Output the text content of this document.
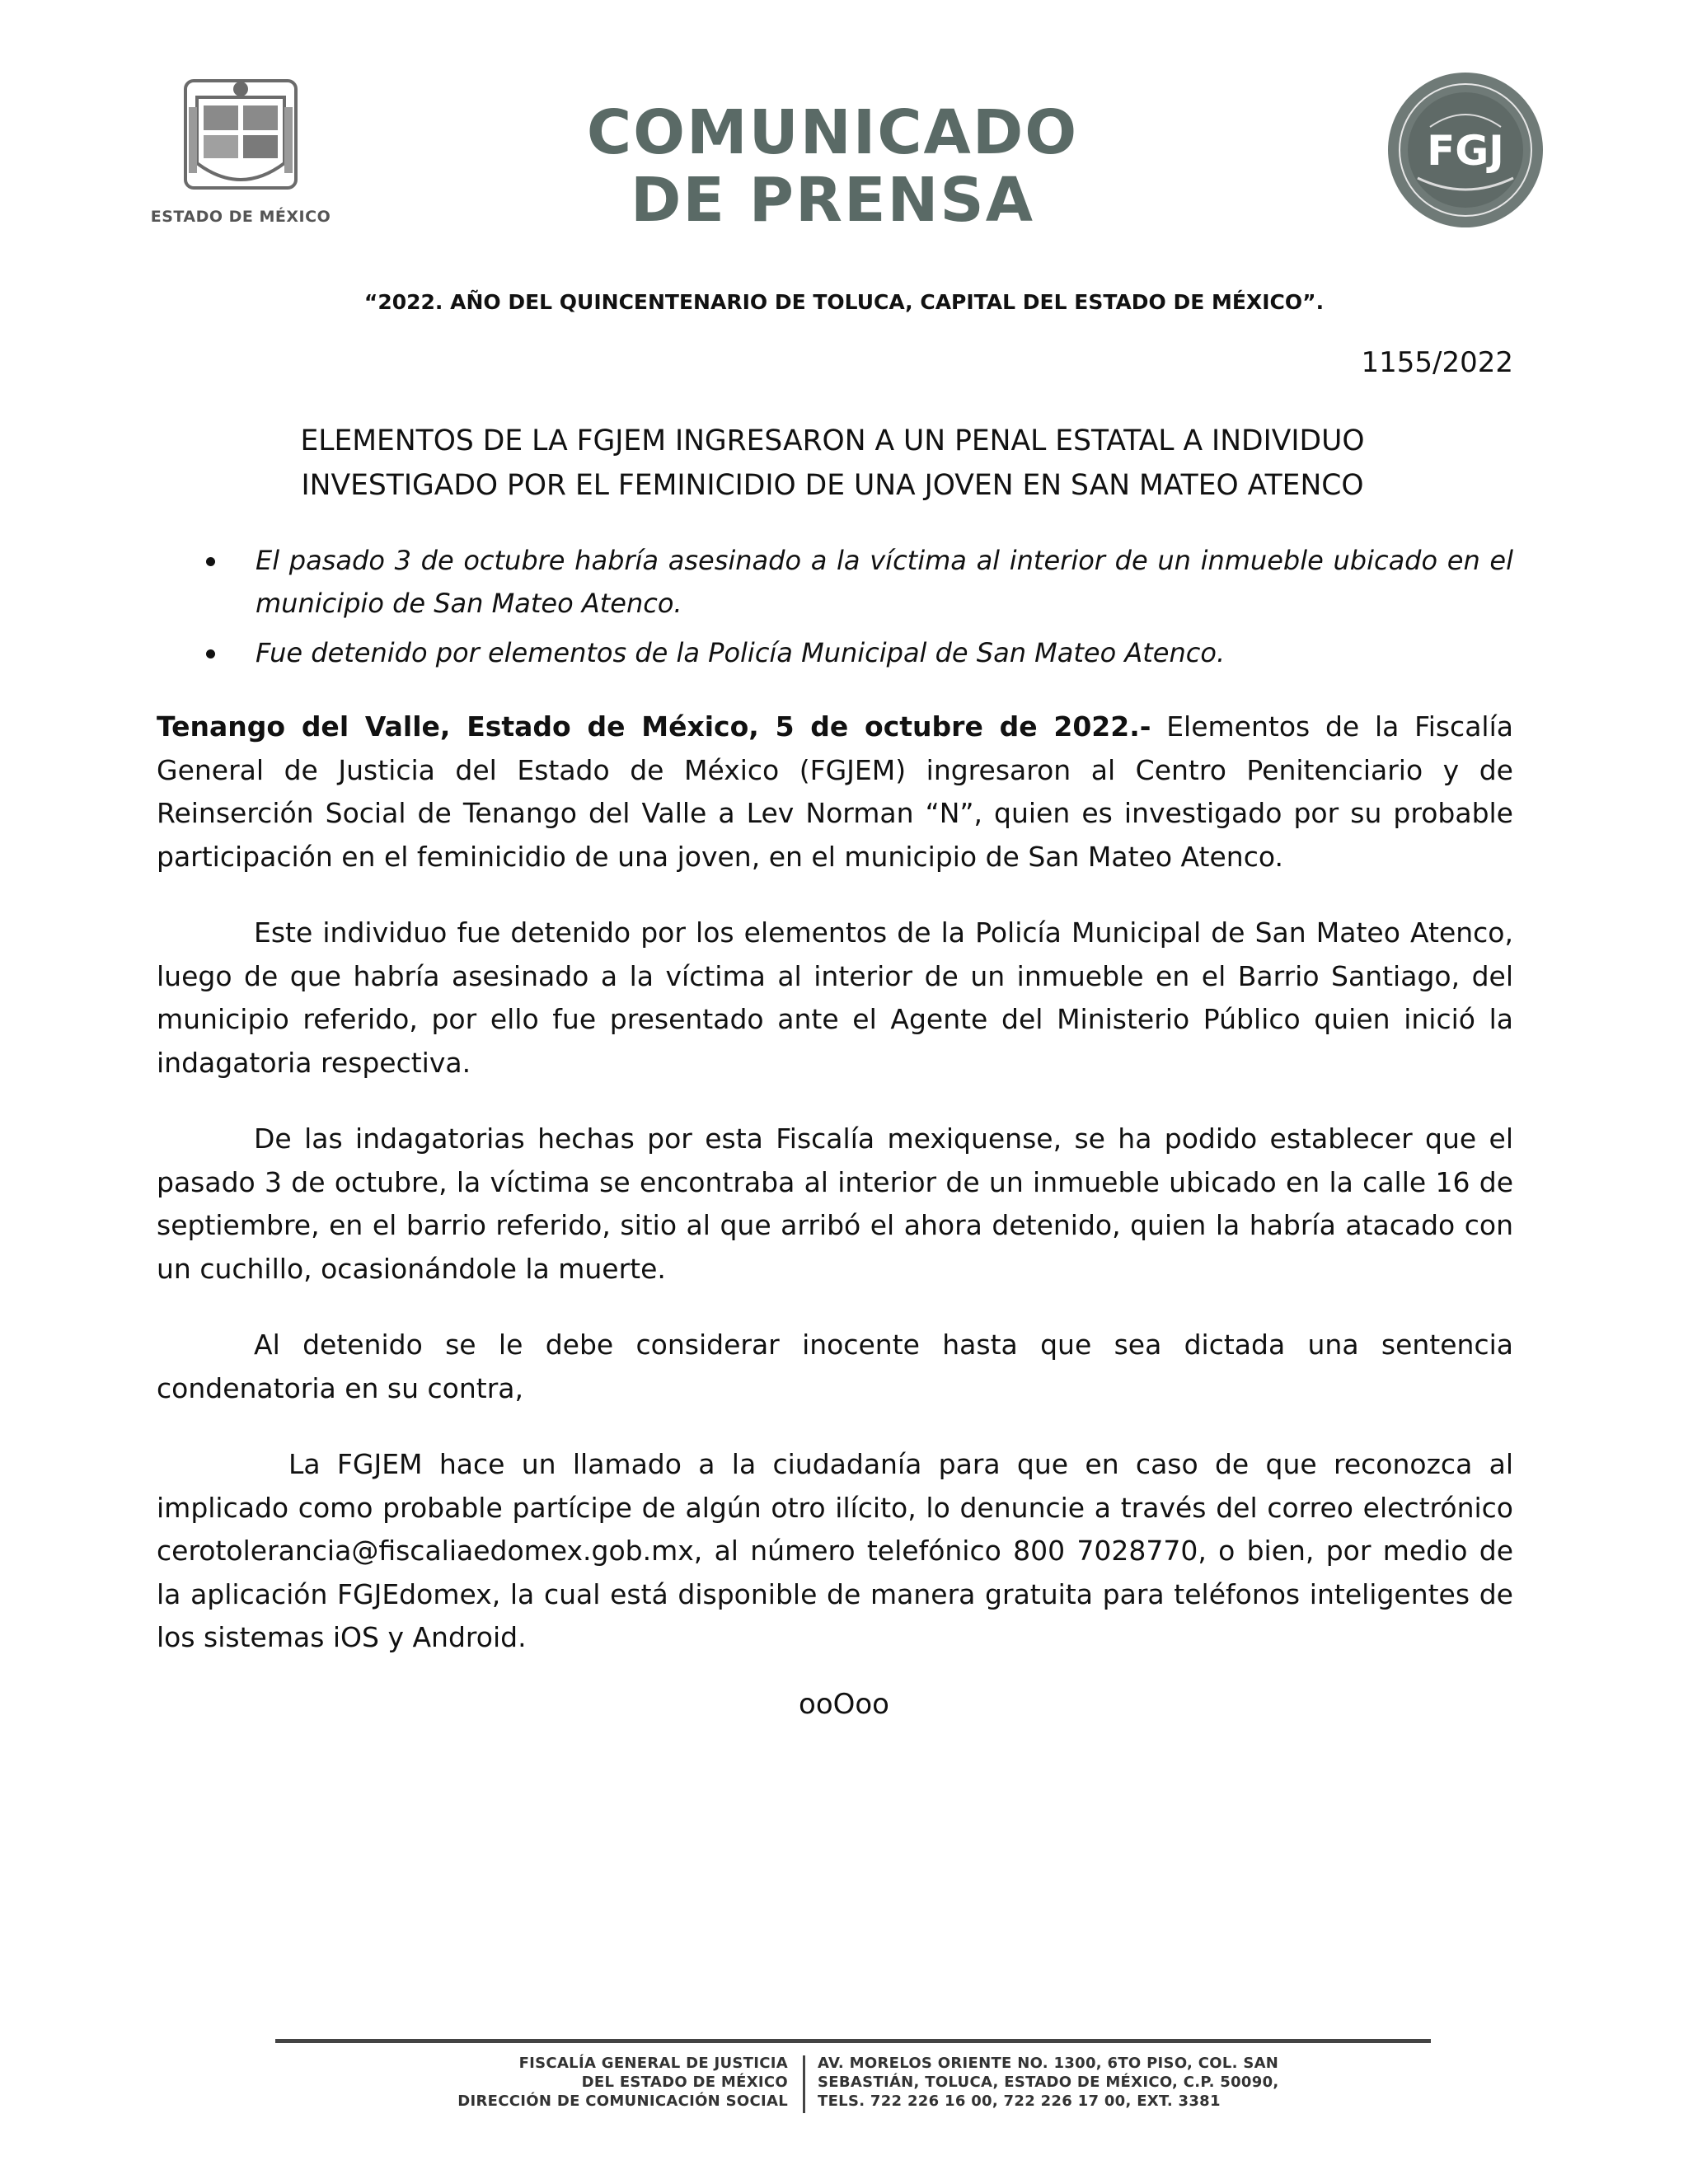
ESTADO DE MÉXICO
COMUNICADO
DE PRENSA
FGJ
“2022. AÑO DEL QUINCENTENARIO DE TOLUCA, CAPITAL DEL ESTADO DE MÉXICO”.
1155/2022
ELEMENTOS DE LA FGJEM INGRESARON A UN PENAL ESTATAL A INDIVIDUO
INVESTIGADO POR EL FEMINICIDIO DE UNA JOVEN EN SAN MATEO ATENCO
El pasado 3 de octubre habría asesinado a la víctima al interior de un inmueble ubicado en el municipio de San Mateo Atenco.
Fue detenido por elementos de la Policía Municipal de San Mateo Atenco.

Tenango del Valle, Estado de México, 5 de octubre de 2022.- Elementos de la Fiscalía General de Justicia del Estado de México (FGJEM) ingresaron al Centro Penitenciario y de Reinserción Social de Tenango del Valle a Lev Norman “N”, quien es investigado por su probable participación en el feminicidio de una joven, en el municipio de San Mateo Atenco.

Este individuo fue detenido por los elementos de la Policía Municipal de San Mateo Atenco, luego de que habría asesinado a la víctima al interior de un inmueble en el Barrio Santiago, del municipio referido, por ello fue presentado ante el Agente del Ministerio Público quien inició la indagatoria respectiva.

De las indagatorias hechas por esta Fiscalía mexiquense, se ha podido establecer que el pasado 3 de octubre, la víctima se encontraba al interior de un inmueble ubicado en la calle 16 de septiembre, en el barrio referido, sitio al que arribó el ahora detenido, quien la habría atacado con un cuchillo, ocasionándole la muerte.

Al detenido se le debe considerar inocente hasta que sea dictada una sentencia condenatoria en su contra,

La FGJEM hace un llamado a la ciudadanía para que en caso de que reconozca al implicado como probable partícipe de algún otro ilícito, lo denuncie a través del correo electrónico cerotolerancia@fiscaliaedomex.gob.mx, al número telefónico 800 7028770, o bien, por medio de la aplicación FGJEdomex, la cual está disponible de manera gratuita para teléfonos inteligentes de los sistemas iOS y Android.

ooOoo
FISCALÍA GENERAL DE JUSTICIA
DEL ESTADO DE MÉXICO
DIRECCIÓN DE COMUNICACIÓN SOCIAL
AV. MORELOS ORIENTE NO. 1300, 6TO PISO, COL. SAN
SEBASTIÁN, TOLUCA, ESTADO DE MÉXICO, C.P. 50090,
TELS. 722 226 16 00, 722 226 17 00, EXT. 3381
